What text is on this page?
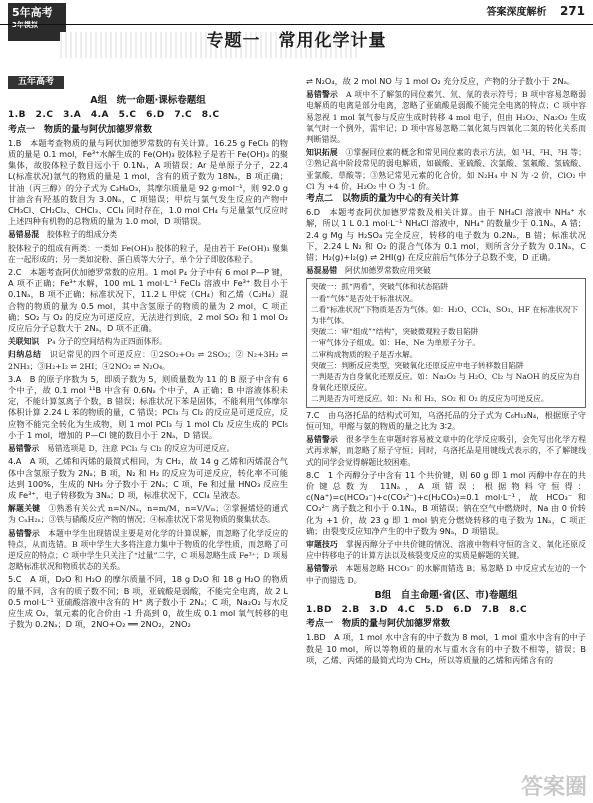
5年高考
3年模拟
答案深度解析 271
专题一　常用化学计量
五年高考
A组　统一命题·课标卷题组
1.B 2.C 3.A 4.A 5.C 6.D 7.C 8.C
考点一　物质的量与阿伏加德罗常数

1.B　本题考查物质的量与阿伏加德罗常数的有关计算。16.25 g FeCl₃ 的物质的量是 0.1 mol，Fe³⁺水解生成的 Fe(OH)₃ 胶体粒子是若干 Fe(OH)₃ 的聚集体，故胶体粒子数目远小于 0.1Nₐ，A 项错误；Ar 是单原子分子，22.4 L(标准状况)氩气的物质的量是 1 mol，含有的质子数为 18Nₐ，B 项正确；甘油（丙三醇）的分子式为 C₃H₈O₃，其摩尔质量是 92 g·mol⁻¹，则 92.0 g 甘油含有羟基的数目为 3.0Nₐ，C 项错误；甲烷与氯气发生反应的产物中 CH₃Cl、CH₂Cl₂、CHCl₃、CCl₄ 同时存在，1.0 mol CH₄ 与足量氯气反应时上述四种有机物的总物质的量为 1.0 mol，D 项错误。

易错易混　 胶体粒子的组成分类

胶体粒子的组成有两类：一类如 Fe(OH)₃ 胶体的粒子，是由若干 Fe(OH)₃ 聚集在一起形成的；另一类如淀粉、蛋白质等大分子，单个分子即胶体粒子。

2.C　本题考查阿伏加德罗常数的应用。1 mol P₄ 分子中有 6 mol P—P 键，A 项不正确；Fe³⁺水解，100 mL 1 mol·L⁻¹ FeCl₃ 溶液中 Fe³⁺ 数目小于 0.1Nₐ，B 项不正确；标准状况下，11.2 L 甲烷（CH₄）和乙烯（C₂H₄）混合物的物质的量为 0.5 mol，其中含氢原子的物质的量为 2 mol，C 项正确；SO₂ 与 O₂ 的反应为可逆反应，无法进行到底，2 mol SO₂ 和 1 mol O₂ 反应后分子总数大于 2Nₐ，D 项不正确。

关联知识　 P₄ 分子的空间结构为正四面体形。

归纳总结　 识记常见的四个可逆反应：①2SO₂+O₂ ⇌ 2SO₃；② N₂+3H₂ ⇌ 2NH₃；③H₂+I₂ ⇌ 2HI；④2NO₂ ⇌ N₂O₄。

3.A　B 的原子序数为 5，即质子数为 5，则质量数为 11 的 B 原子中含有 6 个中子，故 0.1 mol ¹¹B 中含有 0.6Nₐ 个中子，A 正确；B 中溶液体积未定，不能计算氢离子个数，B 错误；标准状况下苯是固体，不能利用气体摩尔体积计算 2.24 L 苯的物质的量，C 错误；PCl₃ 与 Cl₂ 的反应是可逆反应，反应物不能完全转化为生成物，则 1 mol PCl₃ 与 1 mol Cl₂ 反应生成的 PCl₅ 小于 1 mol，增加的 P—Cl 键的数目小于 2Nₐ，D 错误。

易错警示　 易错选项是 D，注意 PCl₃ 与 Cl₂ 的反应为可逆反应。

4.A　A 项，乙烯和丙烯的最简式相同，为 CH₂，故 14 g 乙烯和丙烯混合气体中含氢原子数为 2Nₐ；B 项，N₂ 和 H₂ 的反应为可逆反应，转化率不可能达到 100%，生成的 NH₃ 分子数小于 2Nₐ；C 项，Fe 和过量 HNO₃ 反应生成 Fe³⁺，电子转移数为 3Nₐ；D 项，标准状况下，CCl₄ 呈液态。

解题关键　 ①熟悉有关公式 n=N/Nₐ，n=m/M，n=V/Vₘ；②掌握烯烃的通式为 CₙH₂ₙ；③铁与硝酸反应产物的情况；④标准状况下常见物质的聚集状态。

易错警示　 本题中学生出现错误主要是对化学的计算误解，而忽略了化学反应的特点，从而选错。B 项中学生大多将注意力集中于物质的化学性质，而忽略了可逆反应的特点；C 项中学生只关注了“过量”二字，C 项易忽略生成 Fe³⁺；D 项易忽略标准状况和物质状态的关系。

5.C　A 项，D₂O 和 H₂O 的摩尔质量不同，18 g D₂O 和 18 g H₂O 的物质的量不同，含有的质子数不同；B 项，亚硫酸是弱酸，不能完全电离，故 2 L 0.5 mol·L⁻¹ 亚硫酸溶液中含有的 H⁺ 离子数小于 2Nₐ；C 项，Na₂O₂ 与水反应生成 O₂，氧元素的化合价由 -1 升高到 0，故生成 0.1 mol 氧气转移的电子数为 0.2Nₐ；D 项，2NO+O₂ ══ 2NO₂，2NO₂

⇌ N₂O₄，故 2 mol NO 与 1 mol O₂ 充分反应，产物的分子数小于 2Nₐ。

易错警示　 A 项中不了解氢的同位素氕、氘、氚的表示符号；B 项中容易忽略弱电解质的电离是部分电离，忽略了亚硫酸是弱酸不能完全电离的特点；C 项中容易忽视 1 mol 氧气参与反应生成时转移 4 mol 电子，但由 H₂O₂、Na₂O₂ 生成氧气时一个例外，需牢记；D 项中容易忽略二氧化氮与四氧化二氮的转化关系而判断错误。

知识拓展　 ①掌握同位素的概念和常见同位素的表示方法，如 ¹H、²H、³H 等；②熟记高中阶段常见的弱电解质，如碳酸、亚硫酸、次氯酸、氢氟酸、氢硫酸、亚氯酸、草酸等；③熟记常见元素的化合价，如 N₂H₄ 中 N 为 -2 价，ClO₂ 中 Cl 为 +4 价，H₂O₂ 中 O 为 -1 价。

考点二　以物质的量为中心的有关计算

6.D　本题考查阿伏加德罗常数及相关计算。由于 NH₄Cl 溶液中 NH₄⁺ 水解，所以 1 L 0.1 mol·L⁻¹ NH₄Cl 溶液中，NH₄⁺ 的数量少于 0.1Nₐ，A 错；2.4 g Mg 与 H₂SO₄ 完全反应，转移的电子数为 0.2Nₐ，B 错；标准状况下，2.24 L N₂ 和 O₂ 的混合气体为 0.1 mol，则所含分子数为 0.1Nₐ，C 错；H₂(g)+I₂(g) ⇌ 2HI(g) 在反应前后气体分子总数不变，D 正确。

易混易错　 阿伏加德罗常数应用突破

突破一：抓“两看”，突破气体和状态陷阱
一看“气体”是否处于标准状况。
二看“标准状况”下物质是否为气体。如：H₂O、CCl₄、SO₃、HF 在标准状况下为非气体。
突破二：审“组成”“结构”，突破微观粒子数目陷阱
一审气体分子组成。如：He、Ne 为单原子分子。
二审构成物质的粒子是否水解。
突破三：判断反应类型，突破氧化还原反应中电子转移数目陷阱
一判是否为自身氧化还原反应。如：Na₂O₂ 与 H₂O、Cl₂ 与 NaOH 的反应为自身氧化还原反应。
二判是否为可逆反应。如：N₂ 和 H₂、SO₂ 和 O₂ 的反应为可逆反应。

7.C　由乌洛托品的结构式可知，乌洛托品的分子式为 C₆H₁₂N₄，根据原子守恒可知，甲醛与氨的物质的量之比为 3∶2。

易错警示　 很多学生在审题时容易被文章中的化学反应吸引，会先写出化学方程式再求解，而忽略了原子守恒；同时，乌洛托品是用键线式表示的，不了解键线式的同学会觉得解题比较困难。

8.C　1 个丙醇分子中含有 11 个共价键，则 60 g 即 1 mol 丙醇中存在的共价键总数为 11Nₐ，A 项错误；根据物料守恒得：c(Na⁺)=c(HCO₃⁻)+c(CO₃²⁻)+c(H₂CO₃)=0.1 mol·L⁻¹，故 HCO₃⁻ 和 CO₃²⁻ 离子数之和小于 0.1Nₐ，B 项错误；钠在空气中燃烧时，Na 由 0 价转化为 +1 价，故 23 g 即 1 mol 钠充分燃烧转移的电子数为 1Nₐ，C 项正确；由裂变反应知净产生的中子数为 9Nₐ，D 项错误。

审题技巧　 掌握丙醇分子中共价键的情况、溶液中物料守恒的含义、氧化还原反应中转移电子的计算方法以及核裂变反应的实质是解题的关键。

易错警示　 本题易忽略 HCO₃⁻ 的水解而错选 B；易忽略 D 中反应式左边的一个中子而错选 D。

B组　自主命题·省(区、市)卷题组
1.BD 2.B 3.D 4.C 5.D 6.D 7.B 8.C
考点一　物质的量与阿伏加德罗常数

1.BD　A 项，1 mol 水中含有的中子数为 8 mol，1 mol 重水中含有的中子数是 10 mol，所以等物质的量的水与重水含有的中子数不相等，错误；B 项，乙烯、丙烯的最简式均为 CH₂，所以等质量的乙烯和丙烯含有的

答案圈
